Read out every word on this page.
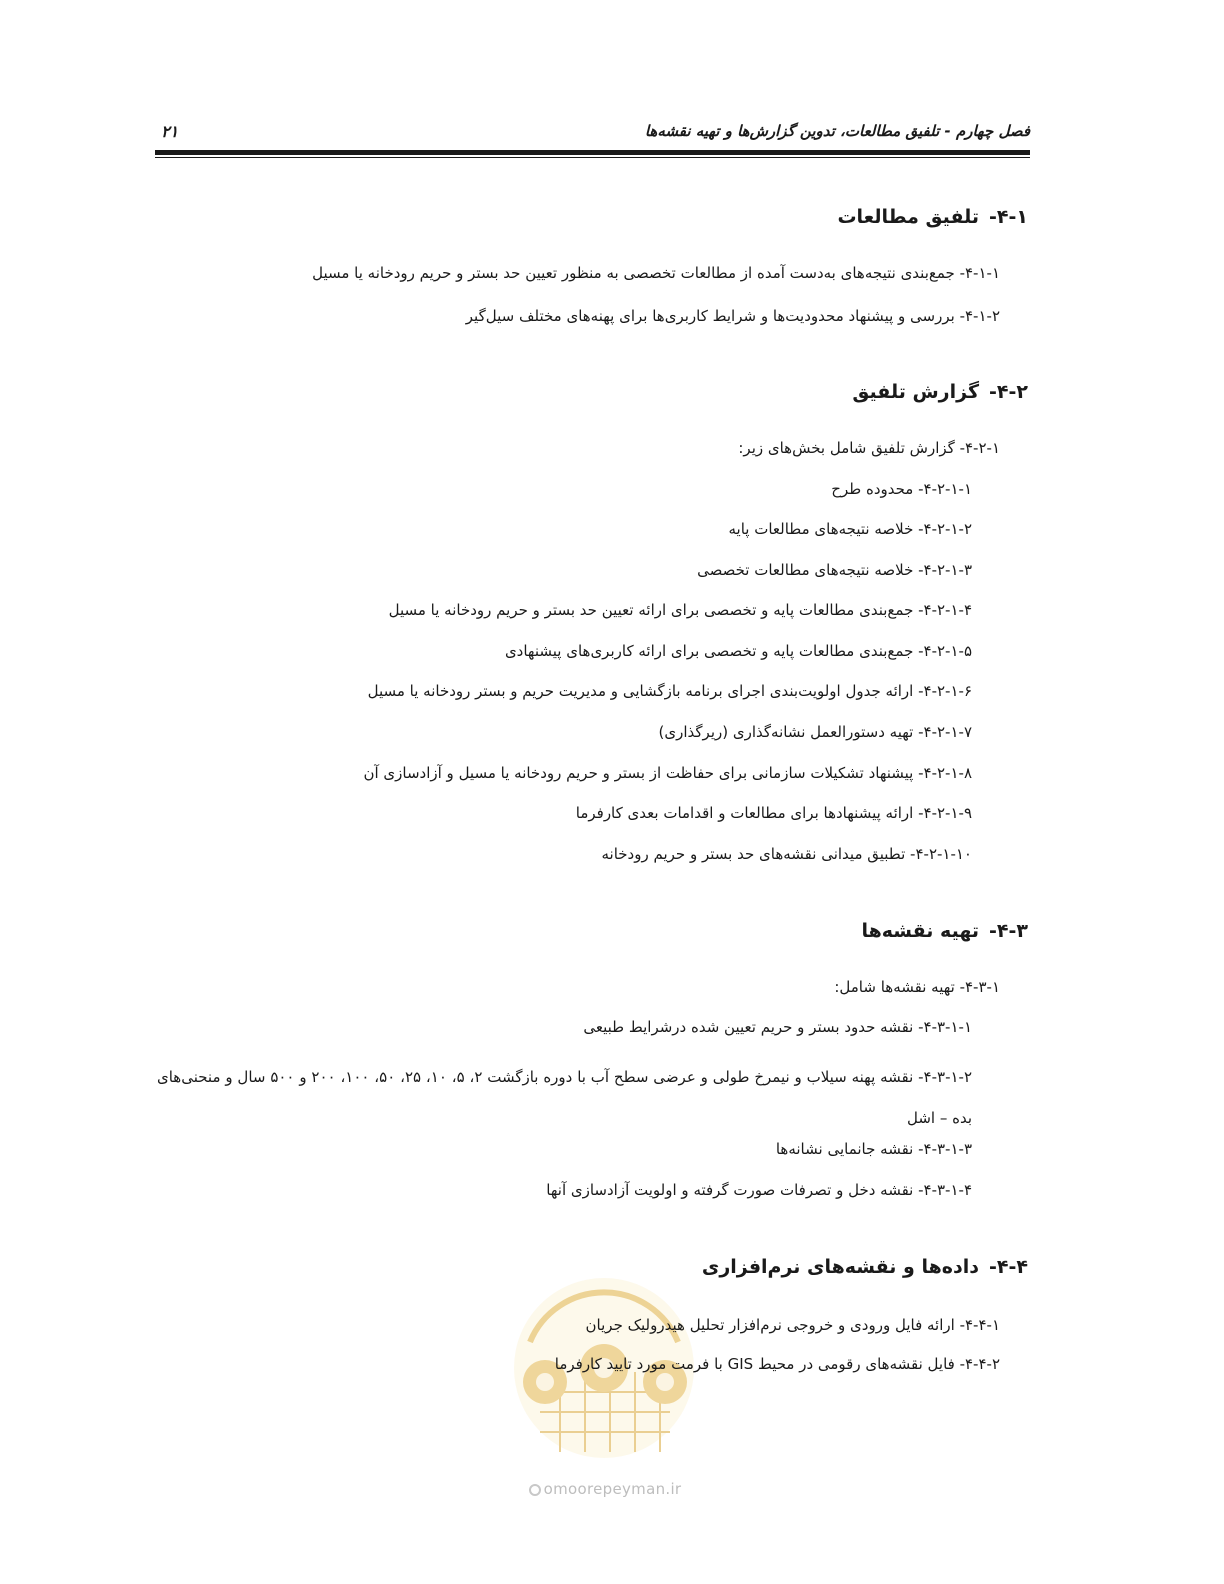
فصل چهارم - تلفیق مطالعات، تدوین گزارش‌ها و تهیه نقشه‌ها
۲۱
۴-۱-تلفیق مطالعات
۴-۱-۱- جمع‌بندی نتیجه‌های به‌دست آمده از مطالعات تخصصی به منظور تعیین حد بستر و حریم رودخانه یا مسیل
۴-۱-۲- بررسی و پیشنهاد محدودیت‌ها و شرایط کاربری‌ها برای پهنه‌های مختلف سیل‌گیر
۴-۲-گزارش تلفیق
۴-۲-۱- گزارش تلفیق شامل بخش‌های زیر:
۴-۲-۱-۱- محدوده طرح
۴-۲-۱-۲- خلاصه نتیجه‌های مطالعات پایه
۴-۲-۱-۳- خلاصه نتیجه‌های مطالعات تخصصی
۴-۲-۱-۴- جمع‌بندی مطالعات پایه و تخصصی برای ارائه تعیین حد بستر و حریم رودخانه یا مسیل
۴-۲-۱-۵- جمع‌بندی مطالعات پایه و تخصصی برای ارائه کاربری‌های پیشنهادی
۴-۲-۱-۶- ارائه جدول اولویت‌بندی اجرای برنامه بازگشایی و مدیریت حریم و بستر رودخانه یا مسیل
۴-۲-۱-۷- تهیه دستورالعمل نشانه‌گذاری (ریرگذاری)
۴-۲-۱-۸- پیشنهاد تشکیلات سازمانی برای حفاظت از بستر و حریم رودخانه یا مسیل و آزادسازی آن
۴-۲-۱-۹- ارائه پیشنهادها برای مطالعات و اقدامات بعدی کارفرما
۴-۲-۱-۱۰- تطبیق میدانی نقشه‌های حد بستر و حریم رودخانه
۴-۳-تهیه نقشه‌ها
۴-۳-۱- تهیه نقشه‌ها شامل:
۴-۳-۱-۱- نقشه حدود بستر و حریم تعیین شده درشرایط طبیعی
۴-۳-۱-۲- نقشه پهنه سیلاب و نیمرخ طولی و عرضی سطح آب با دوره بازگشت ۲، ۵، ۱۰، ۲۵، ۵۰، ۱۰۰، ۲۰۰ و ۵۰۰ سال و منحنی‌های بده – اشل
۴-۳-۱-۳- نقشه جانمایی نشانه‌ها
۴-۳-۱-۴- نقشه دخل و تصرفات صورت گرفته و اولویت آزادسازی آنها
۴-۴-داده‌ها و نقشه‌های نرم‌افزاری
۴-۴-۱- ارائه فایل ورودی و خروجی نرم‌افزار تحلیل هیدرولیک جریان
۴-۴-۲- فایل نقشه‌های رقومی در محیط GIS با فرمت مورد تایید کارفرما
omoorepeyman.ir
